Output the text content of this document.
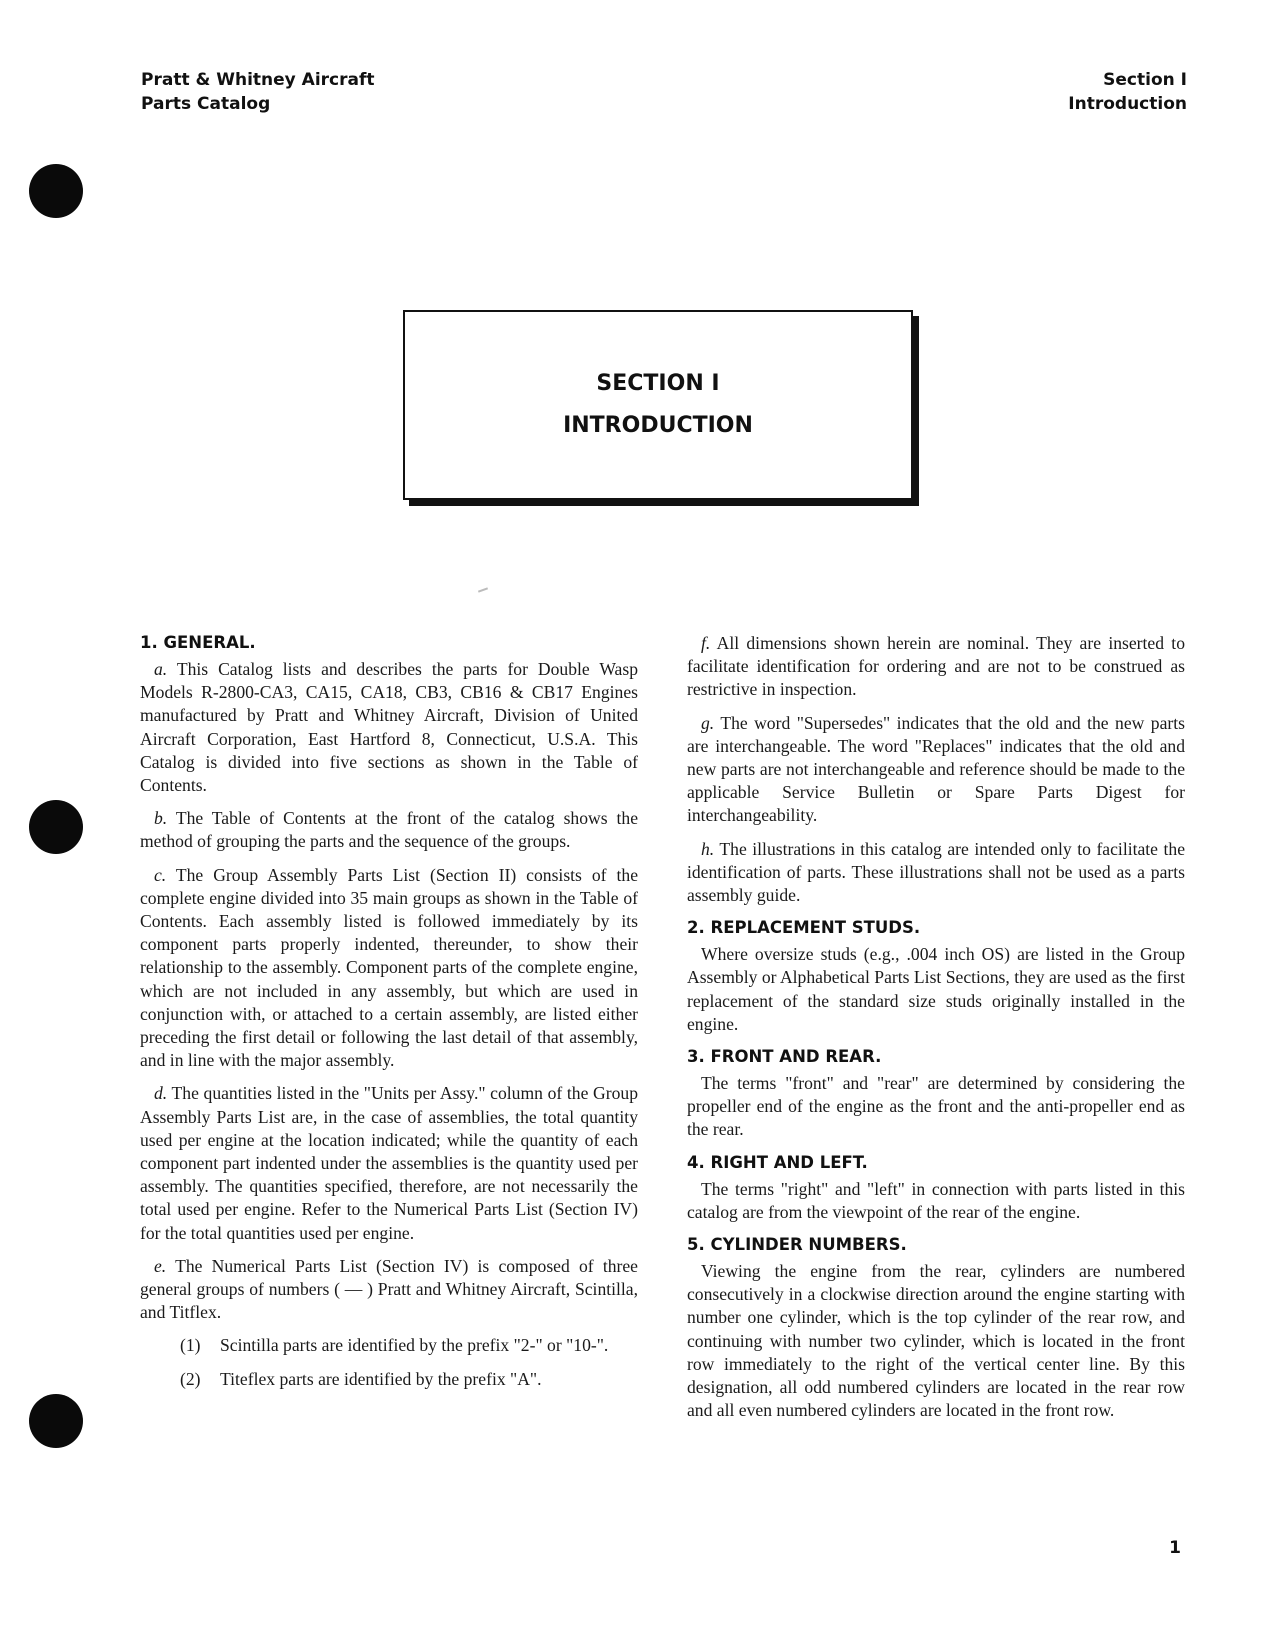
Pratt & Whitney Aircraft
Parts Catalog
Section I
Introduction
SECTION I
INTRODUCTION
1. GENERAL.

a. This Catalog lists and describes the parts for Double Wasp Models R-2800-CA3, CA15, CA18, CB3, CB16 & CB17 Engines manufactured by Pratt and Whitney Aircraft, Division of United Aircraft Corporation, East Hartford 8, Connecticut, U.S.A. This Catalog is divided into five sections as shown in the Table of Contents.

b. The Table of Contents at the front of the catalog shows the method of grouping the parts and the sequence of the groups.

c. The Group Assembly Parts List (Section II) consists of the complete engine divided into 35 main groups as shown in the Table of Contents. Each assembly listed is followed immediately by its component parts properly indented, thereunder, to show their relationship to the assembly. Component parts of the complete engine, which are not included in any assembly, but which are used in conjunction with, or attached to a certain assembly, are listed either preceding the first detail or following the last detail of that assembly, and in line with the major assembly.

d. The quantities listed in the "Units per Assy." column of the Group Assembly Parts List are, in the case of assemblies, the total quantity used per engine at the location indicated; while the quantity of each component part indented under the assemblies is the quantity used per assembly. The quantities specified, therefore, are not necessarily the total used per engine. Refer to the Numerical Parts List (Section IV) for the total quantities used per engine.

e. The Numerical Parts List (Section IV) is composed of three general groups of numbers ( — ) Pratt and Whitney Aircraft, Scintilla, and Titflex.

(1)	Scintilla parts are identified by the prefix "2-" or "10-".
(2)	Titeflex parts are identified by the prefix "A".

f. All dimensions shown herein are nominal. They are inserted to facilitate identification for ordering and are not to be construed as restrictive in inspection.

g. The word "Supersedes" indicates that the old and the new parts are interchangeable. The word "Replaces" indicates that the old and new parts are not interchangeable and reference should be made to the applicable Service Bulletin or Spare Parts Digest for interchangeability.

h. The illustrations in this catalog are intended only to facilitate the identification of parts. These illustrations shall not be used as a parts assembly guide.

2. REPLACEMENT STUDS.

Where oversize studs (e.g., .004 inch OS) are listed in the Group Assembly or Alphabetical Parts List Sections, they are used as the first replacement of the standard size studs originally installed in the engine.

3. FRONT AND REAR.

The terms "front" and "rear" are determined by considering the propeller end of the engine as the front and the anti-propeller end as the rear.

4. RIGHT AND LEFT.

The terms "right" and "left" in connection with parts listed in this catalog are from the viewpoint of the rear of the engine.

5. CYLINDER NUMBERS.

Viewing the engine from the rear, cylinders are numbered consecutively in a clockwise direction around the engine starting with number one cylinder, which is the top cylinder of the rear row, and continuing with number two cylinder, which is located in the front row immediately to the right of the vertical center line. By this designation, all odd numbered cylinders are located in the rear row and all even numbered cylinders are located in the front row.

1
